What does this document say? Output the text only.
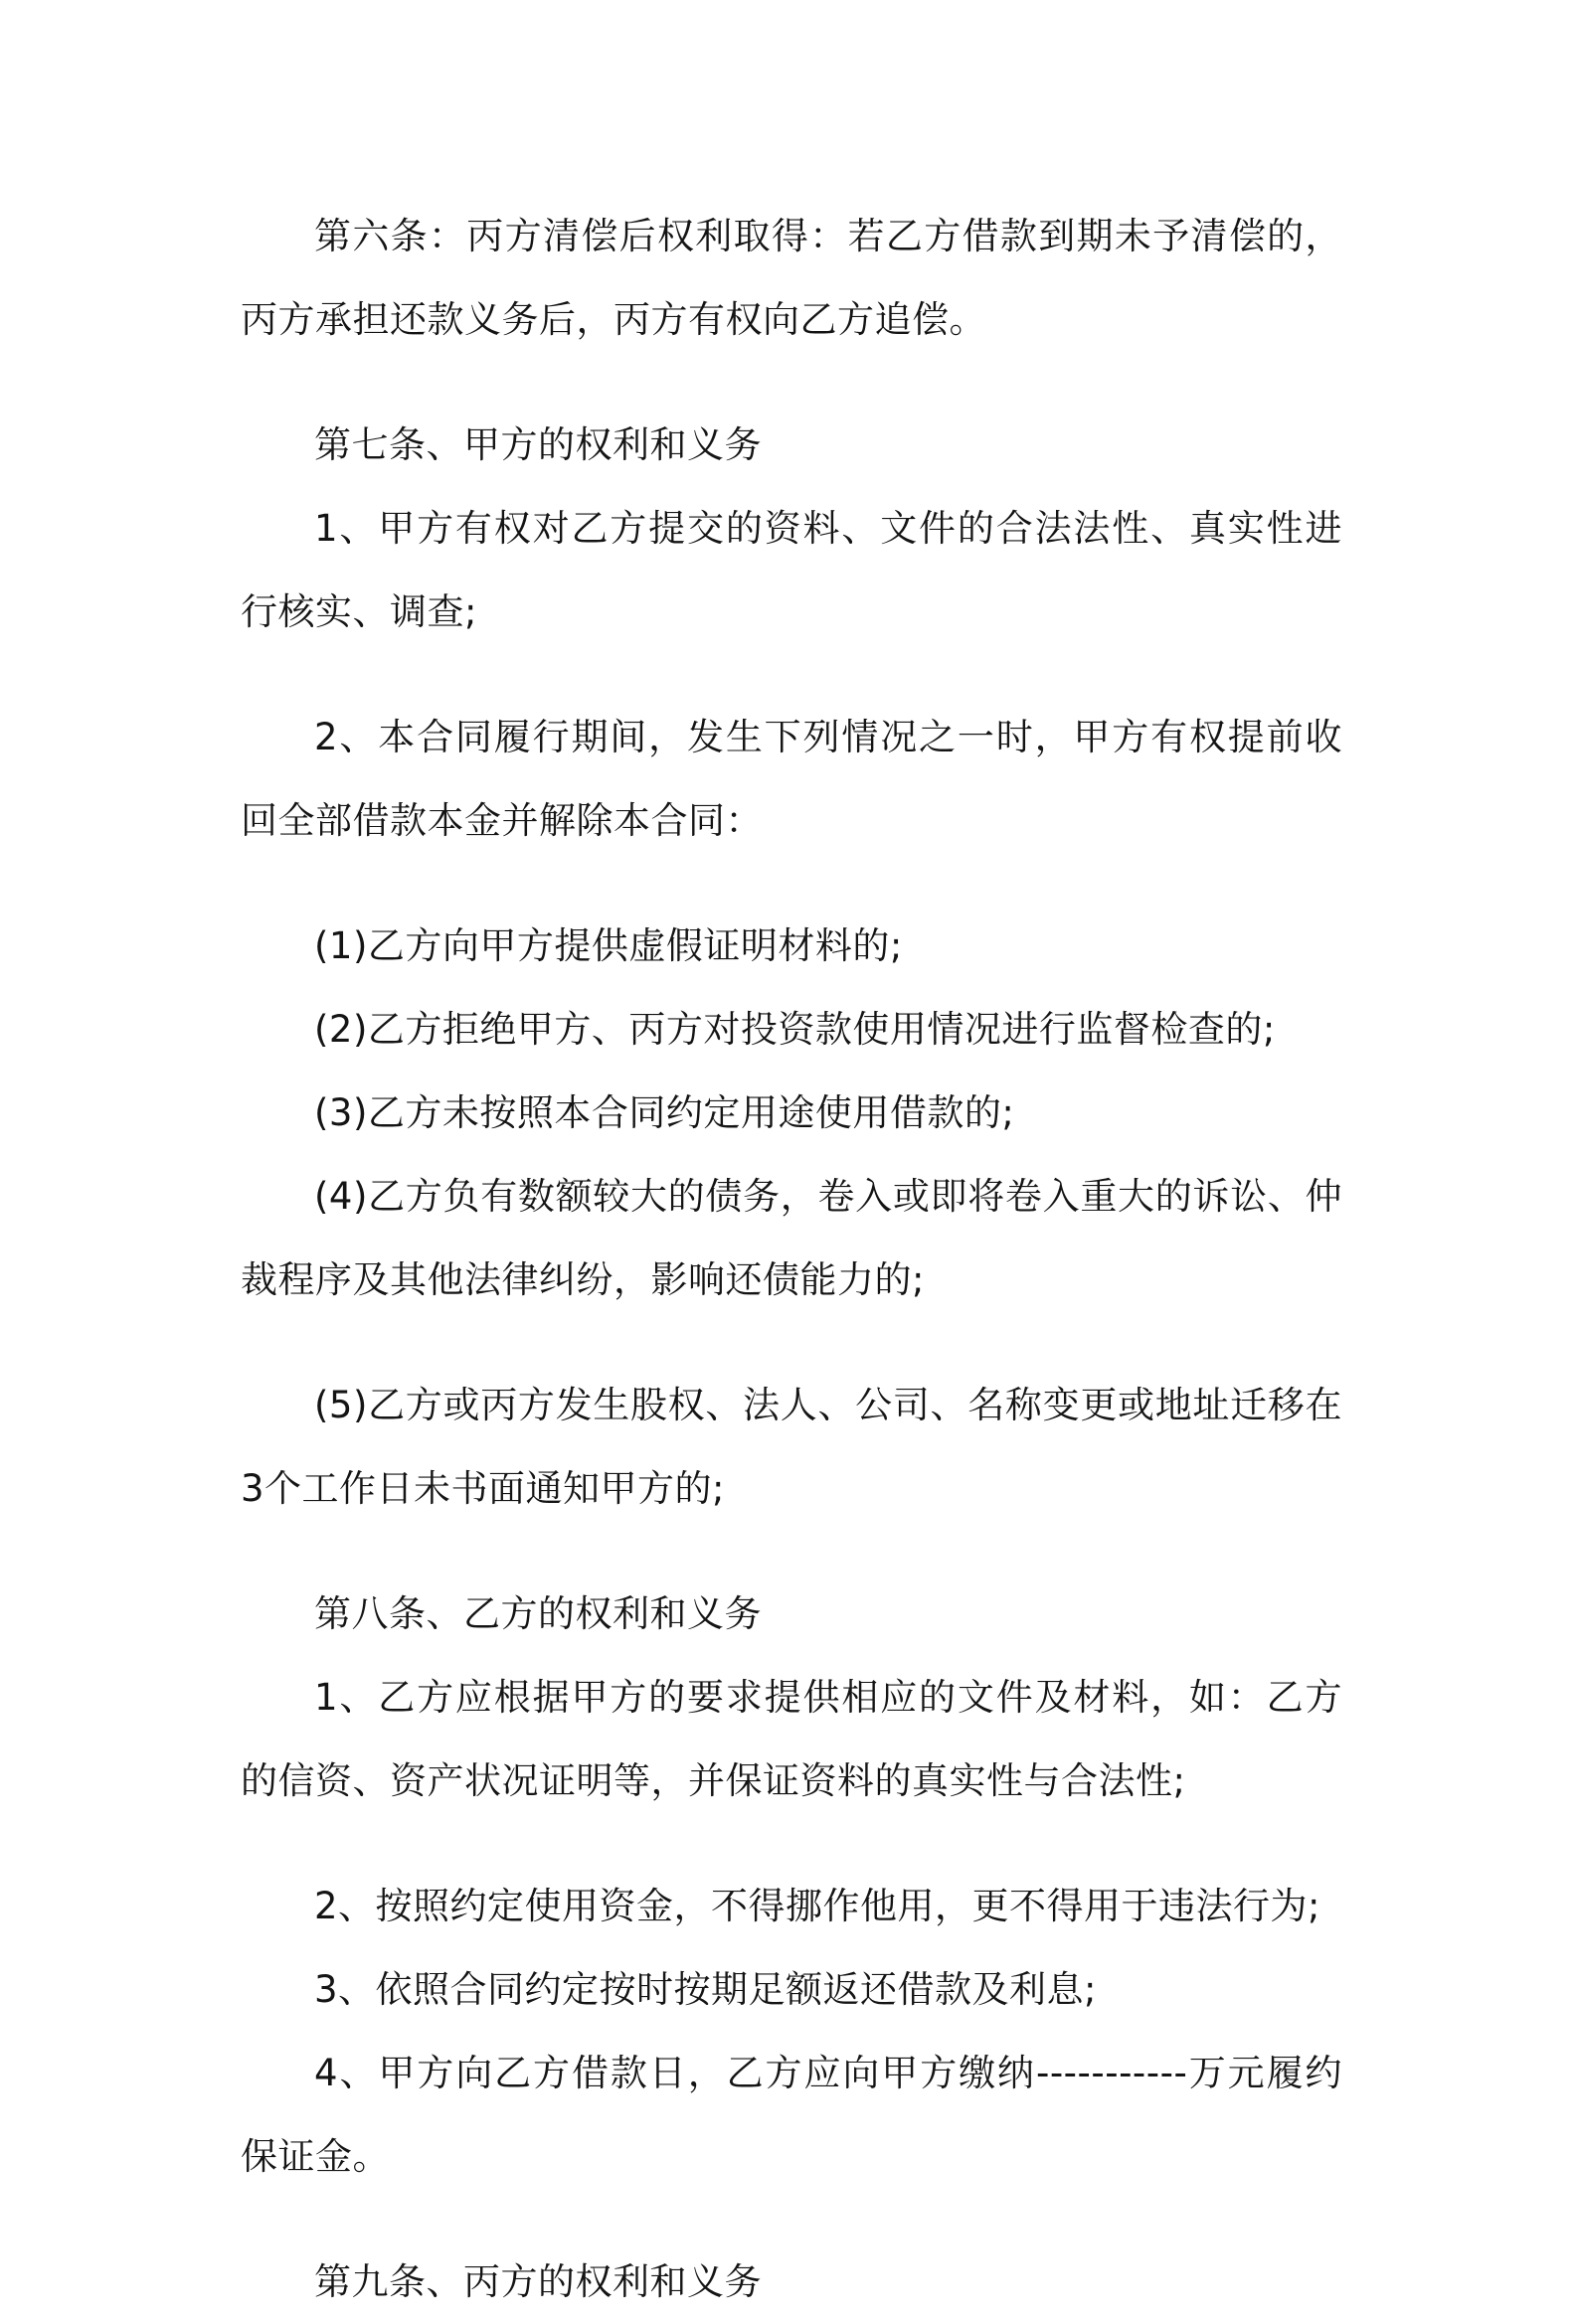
第六条：丙方清偿后权利取得：若乙方借款到期未予清偿的，丙方承担还款义务后，丙方有权向乙方追偿。

第七条、甲方的权利和义务

1、甲方有权对乙方提交的资料、文件的合法法性、真实性进行核实、调查;

2、本合同履行期间，发生下列情况之一时，甲方有权提前收回全部借款本金并解除本合同：

(1)乙方向甲方提供虚假证明材料的;

(2)乙方拒绝甲方、丙方对投资款使用情况进行监督检查的;

(3)乙方未按照本合同约定用途使用借款的;

(4)乙方负有数额较大的债务，卷入或即将卷入重大的诉讼、仲裁程序及其他法律纠纷，影响还债能力的;

(5)乙方或丙方发生股权、法人、公司、名称变更或地址迁移在3个工作日未书面通知甲方的;

第八条、乙方的权利和义务

1、乙方应根据甲方的要求提供相应的文件及材料，如：乙方的信资、资产状况证明等，并保证资料的真实性与合法性;

2、按照约定使用资金，不得挪作他用，更不得用于违法行为;

3、依照合同约定按时按期足额返还借款及利息;

4、甲方向乙方借款日，乙方应向甲方缴纳-----------万元履约保证金。

第九条、丙方的权利和义务
